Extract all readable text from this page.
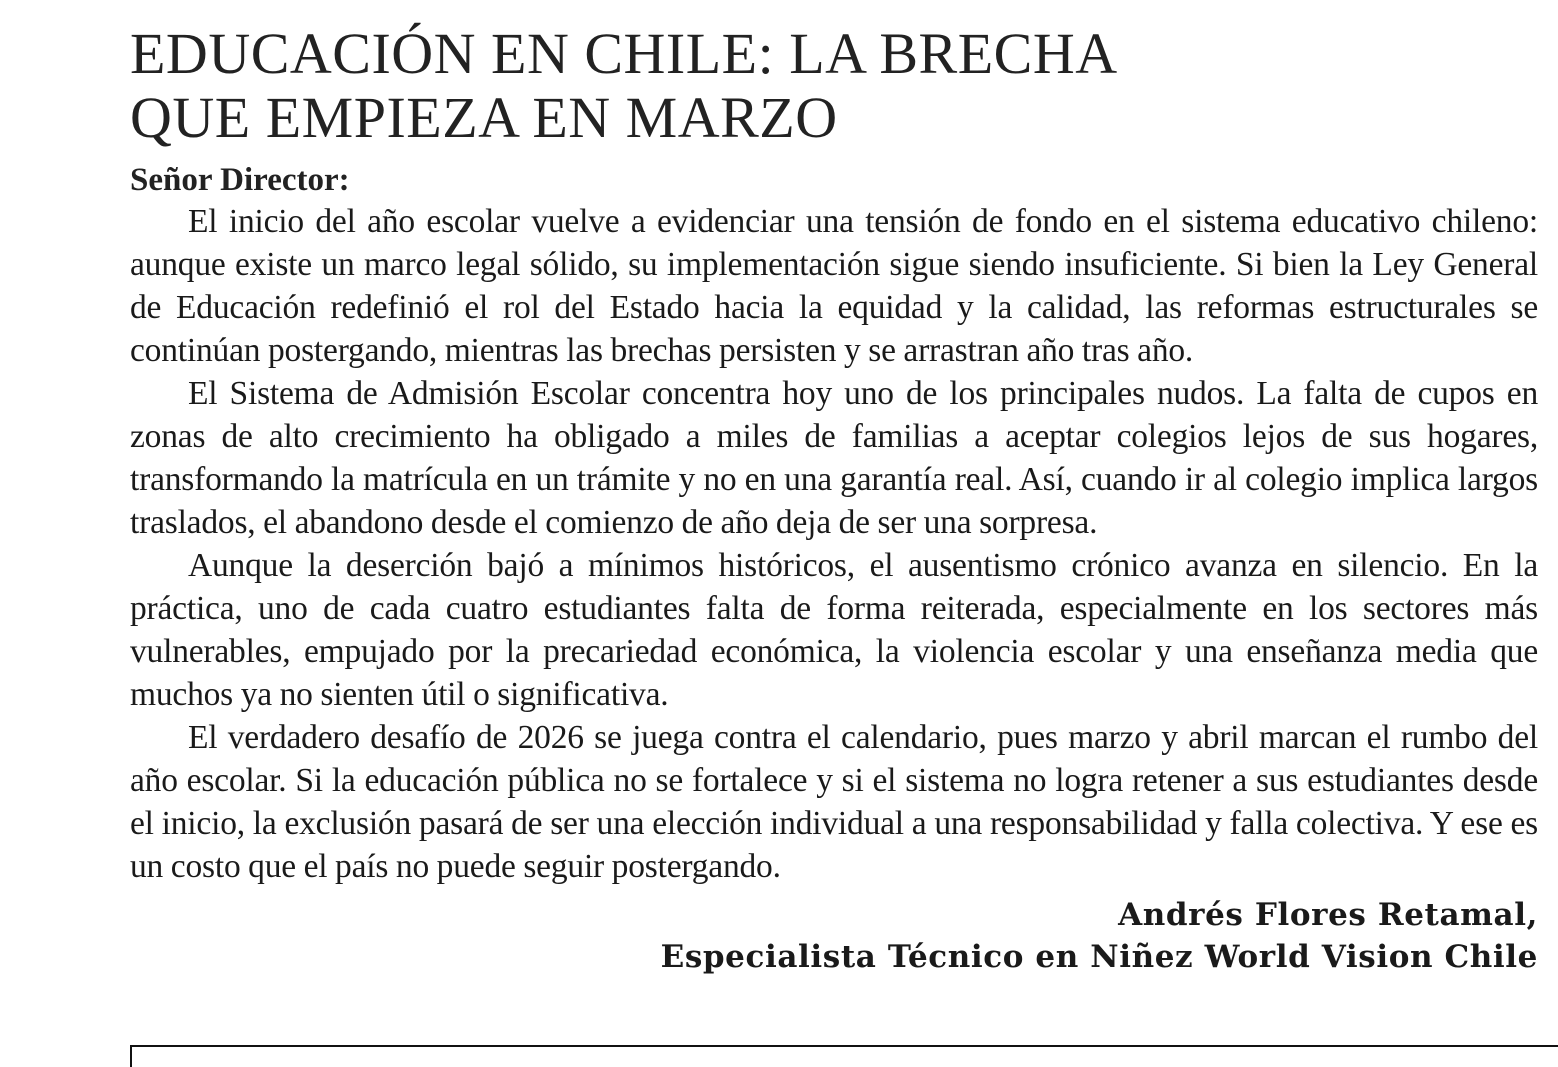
EDUCACIÓN EN CHILE: LA BRECHA
QUE EMPIEZA EN MARZO

Señor Director:

El inicio del año escolar vuelve a evidenciar una tensión de fondo en el sistema educativo chileno: aunque existe un marco legal sólido, su implementación sigue siendo insuficiente. Si bien la Ley General de Educación redefinió el rol del Estado hacia la equidad y la calidad, las reformas estructurales se continúan postergando, mientras las brechas persisten y se arrastran año tras año.

El Sistema de Admisión Escolar concentra hoy uno de los principales nudos. La falta de cupos en zonas de alto crecimiento ha obligado a miles de familias a aceptar colegios lejos de sus hogares, transformando la matrícula en un trámite y no en una garantía real. Así, cuando ir al colegio implica largos traslados, el abandono desde el comienzo de año deja de ser una sorpresa.

Aunque la deserción bajó a mínimos históricos, el ausentismo crónico avanza en silencio. En la práctica, uno de cada cuatro estudiantes falta de forma reiterada, especialmente en los sectores más vulnerables, empujado por la precariedad económica, la violencia escolar y una enseñanza media que muchos ya no sienten útil o significativa.

El verdadero desafío de 2026 se juega contra el calendario, pues marzo y abril marcan el rumbo del año escolar. Si la educación pública no se fortalece y si el sistema no logra retener a sus estudiantes desde el inicio, la exclusión pasará de ser una elección individual a una responsabilidad y falla colectiva. Y ese es un costo que el país no puede seguir postergando.

Andrés Flores Retamal,
Especialista Técnico en Niñez World Vision Chile
